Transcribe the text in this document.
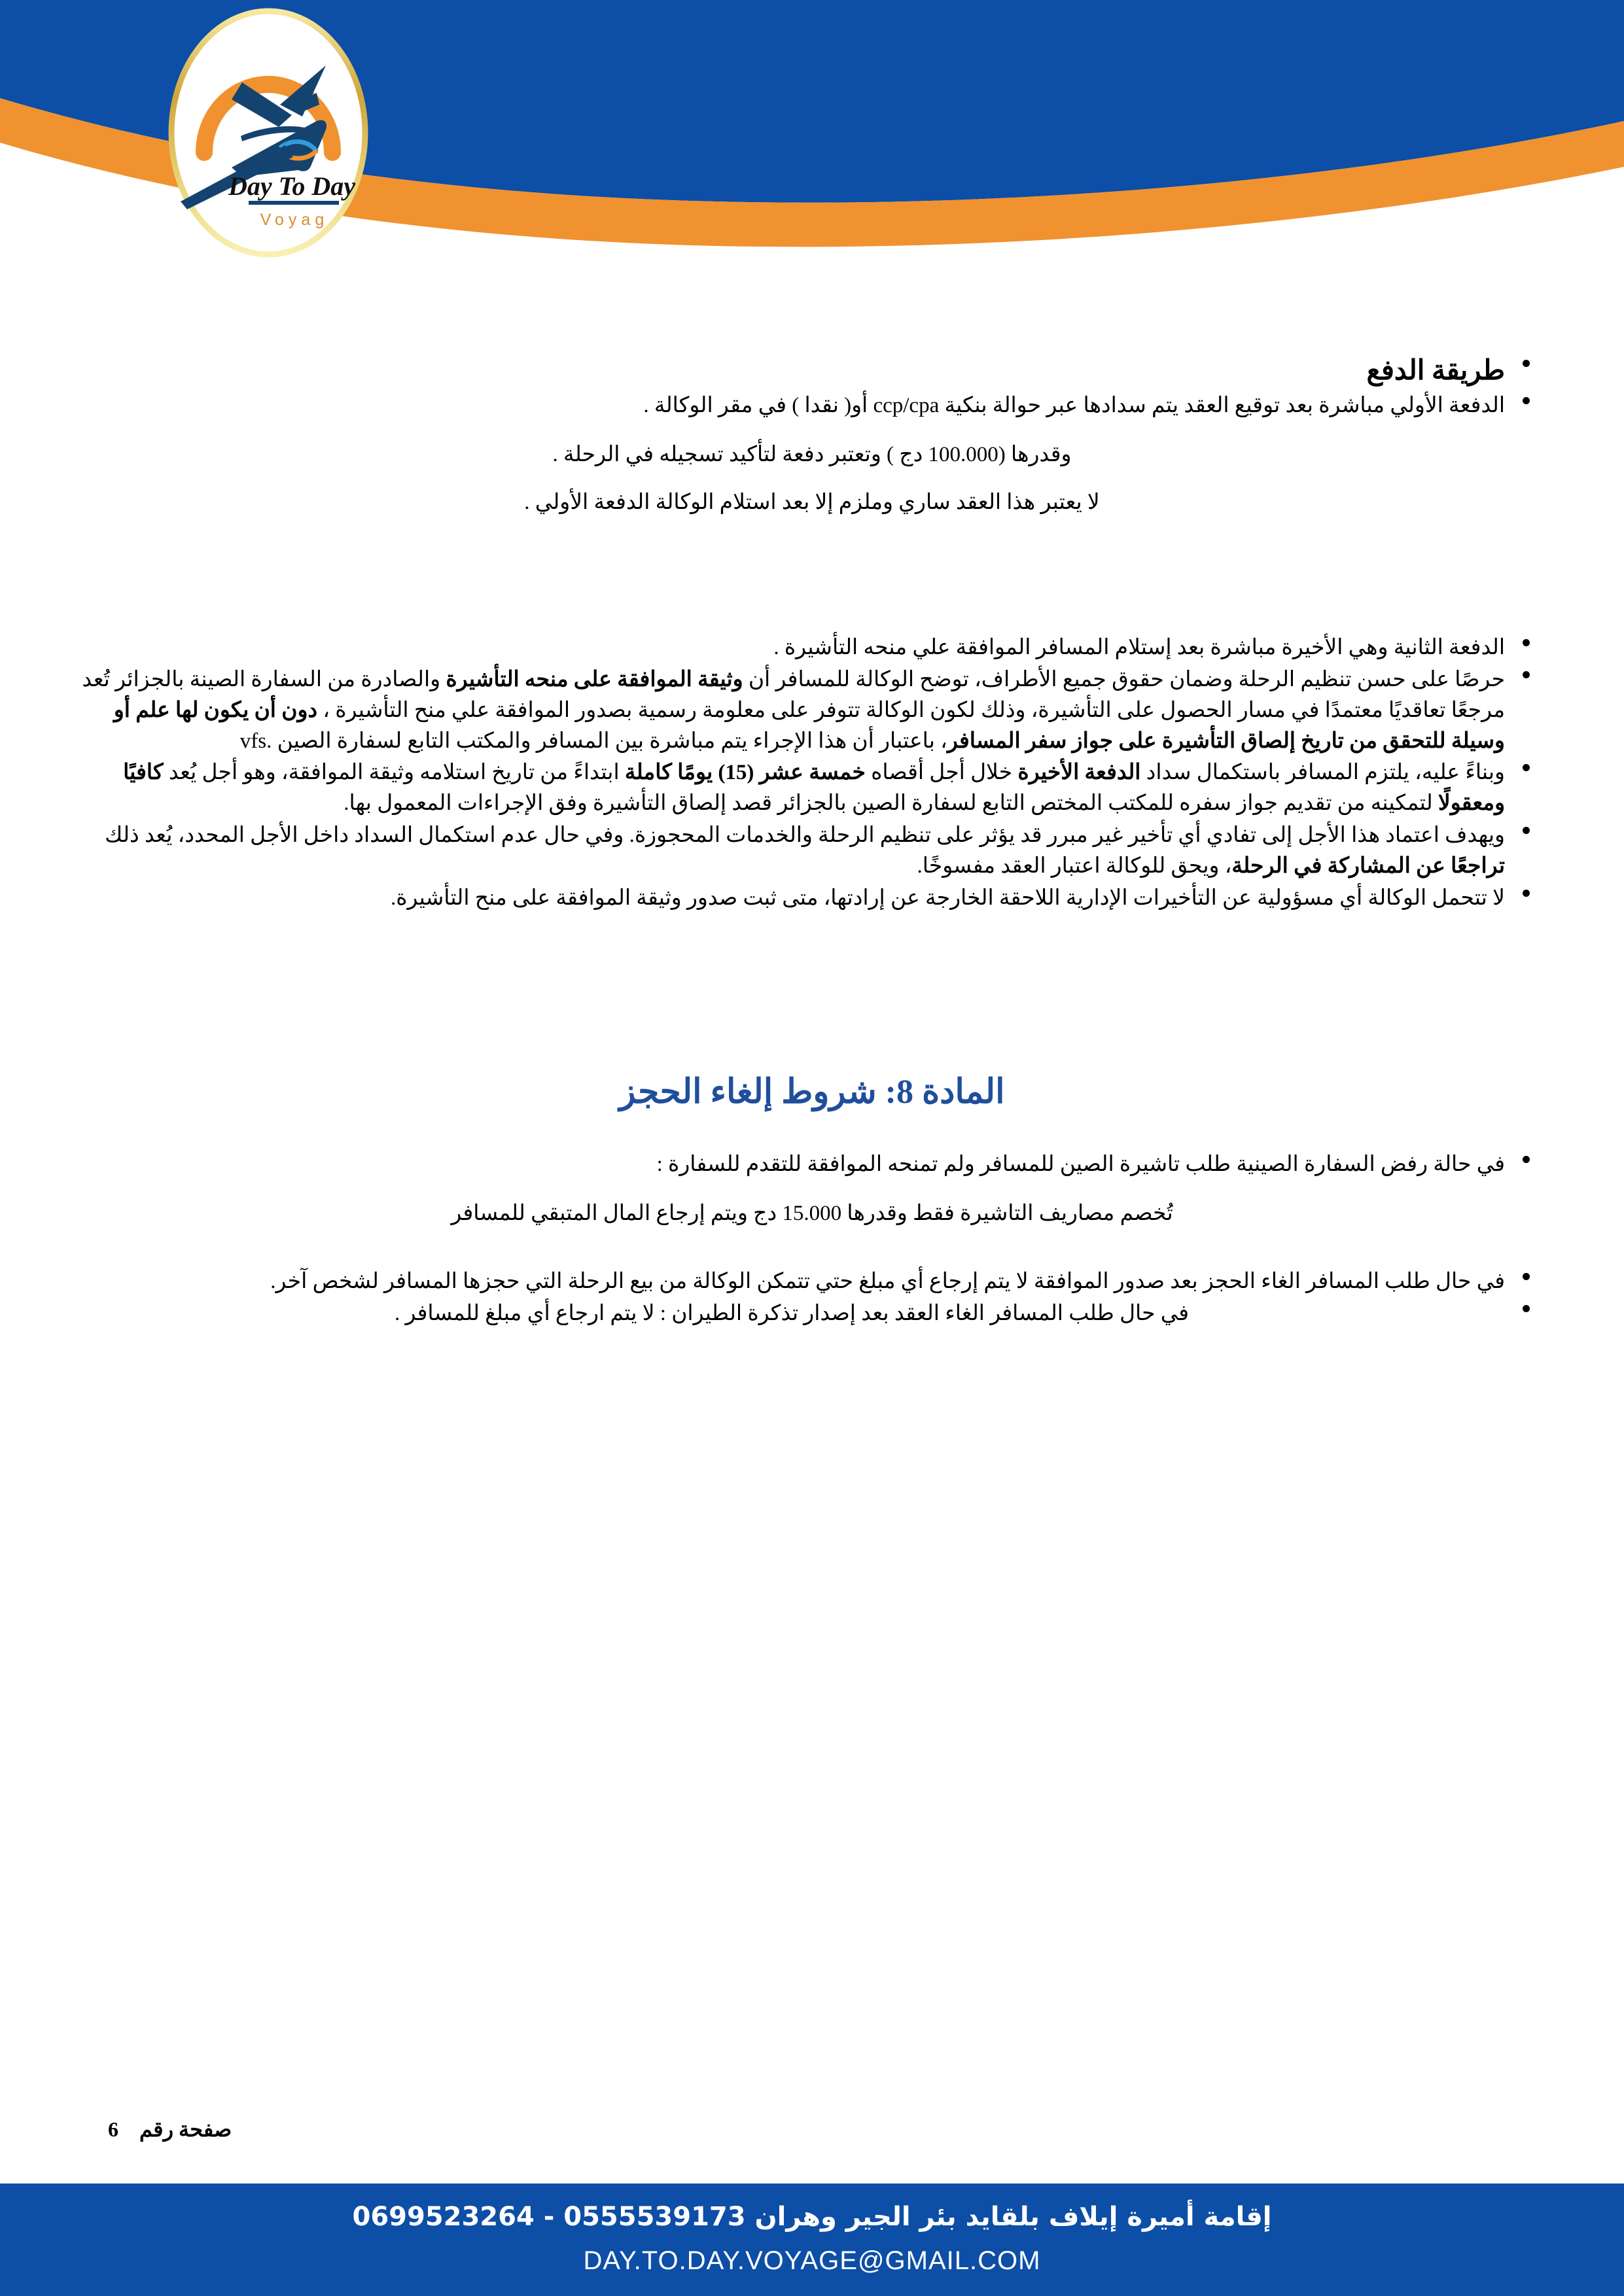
Day To Day
Voyag
طريقة الدفع
الدفعة الأولي مباشرة بعد توقيع العقد يتم سدادها عبر حوالة بنكية ccp/cpa أو( نقدا ) في مقر الوكالة .
وقدرها (100.000 دج ) وتعتبر دفعة لتأكيد تسجيله في الرحلة .
لا يعتبر هذا العقد ساري وملزم إلا بعد استلام الوكالة الدفعة الأولي .
الدفعة الثانية وهي الأخيرة مباشرة بعد إستلام المسافر الموافقة علي منحه التأشيرة .
حرصًا على حسن تنظيم الرحلة وضمان حقوق جميع الأطراف، توضح الوكالة للمسافر أن وثيقة الموافقة على منحه التأشيرة والصادرة من السفارة الصينة بالجزائر تُعد مرجعًا تعاقديًا معتمدًا في مسار الحصول على التأشيرة، وذلك لكون الوكالة تتوفر على معلومة رسمية بصدور الموافقة علي منح التأشيرة ، دون أن يكون لها علم أو وسيلة للتحقق من تاريخ إلصاق التأشيرة على جواز سفر المسافر، باعتبار أن هذا الإجراء يتم مباشرة بين المسافر والمكتب التابع لسفارة الصين .vfs
وبناءً عليه، يلتزم المسافر باستكمال سداد الدفعة الأخيرة خلال أجل أقصاه خمسة عشر (15) يومًا كاملة ابتداءً من تاريخ استلامه وثيقة الموافقة، وهو أجل يُعد كافيًا ومعقولًا لتمكينه من تقديم جواز سفره للمكتب المختص التابع لسفارة الصين بالجزائر قصد إلصاق التأشيرة وفق الإجراءات المعمول بها.
ويهدف اعتماد هذا الأجل إلى تفادي أي تأخير غير مبرر قد يؤثر على تنظيم الرحلة والخدمات المحجوزة. وفي حال عدم استكمال السداد داخل الأجل المحدد، يُعد ذلك تراجعًا عن المشاركة في الرحلة، ويحق للوكالة اعتبار العقد مفسوخًا.
لا تتحمل الوكالة أي مسؤولية عن التأخيرات الإدارية اللاحقة الخارجة عن إرادتها، متى ثبت صدور وثيقة الموافقة على منح التأشيرة.
المادة 8: شروط إلغاء الحجز
في حالة رفض السفارة الصينية طلب تاشيرة الصين للمسافر ولم تمنحه الموافقة للتقدم للسفارة :
تُخصم مصاريف التاشيرة فقط وقدرها 15.000 دج ويتم إرجاع المال المتبقي للمسافر
في حال طلب المسافر الغاء الحجز بعد صدور الموافقة لا يتم إرجاع أي مبلغ حتي تتمكن الوكالة من بيع الرحلة التي حجزها المسافر لشخص آخر.
في حال طلب المسافر الغاء العقد بعد إصدار تذكرة الطيران : لا يتم ارجاع أي مبلغ للمسافر .
صفحة رقم    6
إقامة أميرة إيلاف بلقايد بئر الجير وهران 0555539173 - 0699523264
DAY.TO.DAY.VOYAGE@GMAIL.COM
